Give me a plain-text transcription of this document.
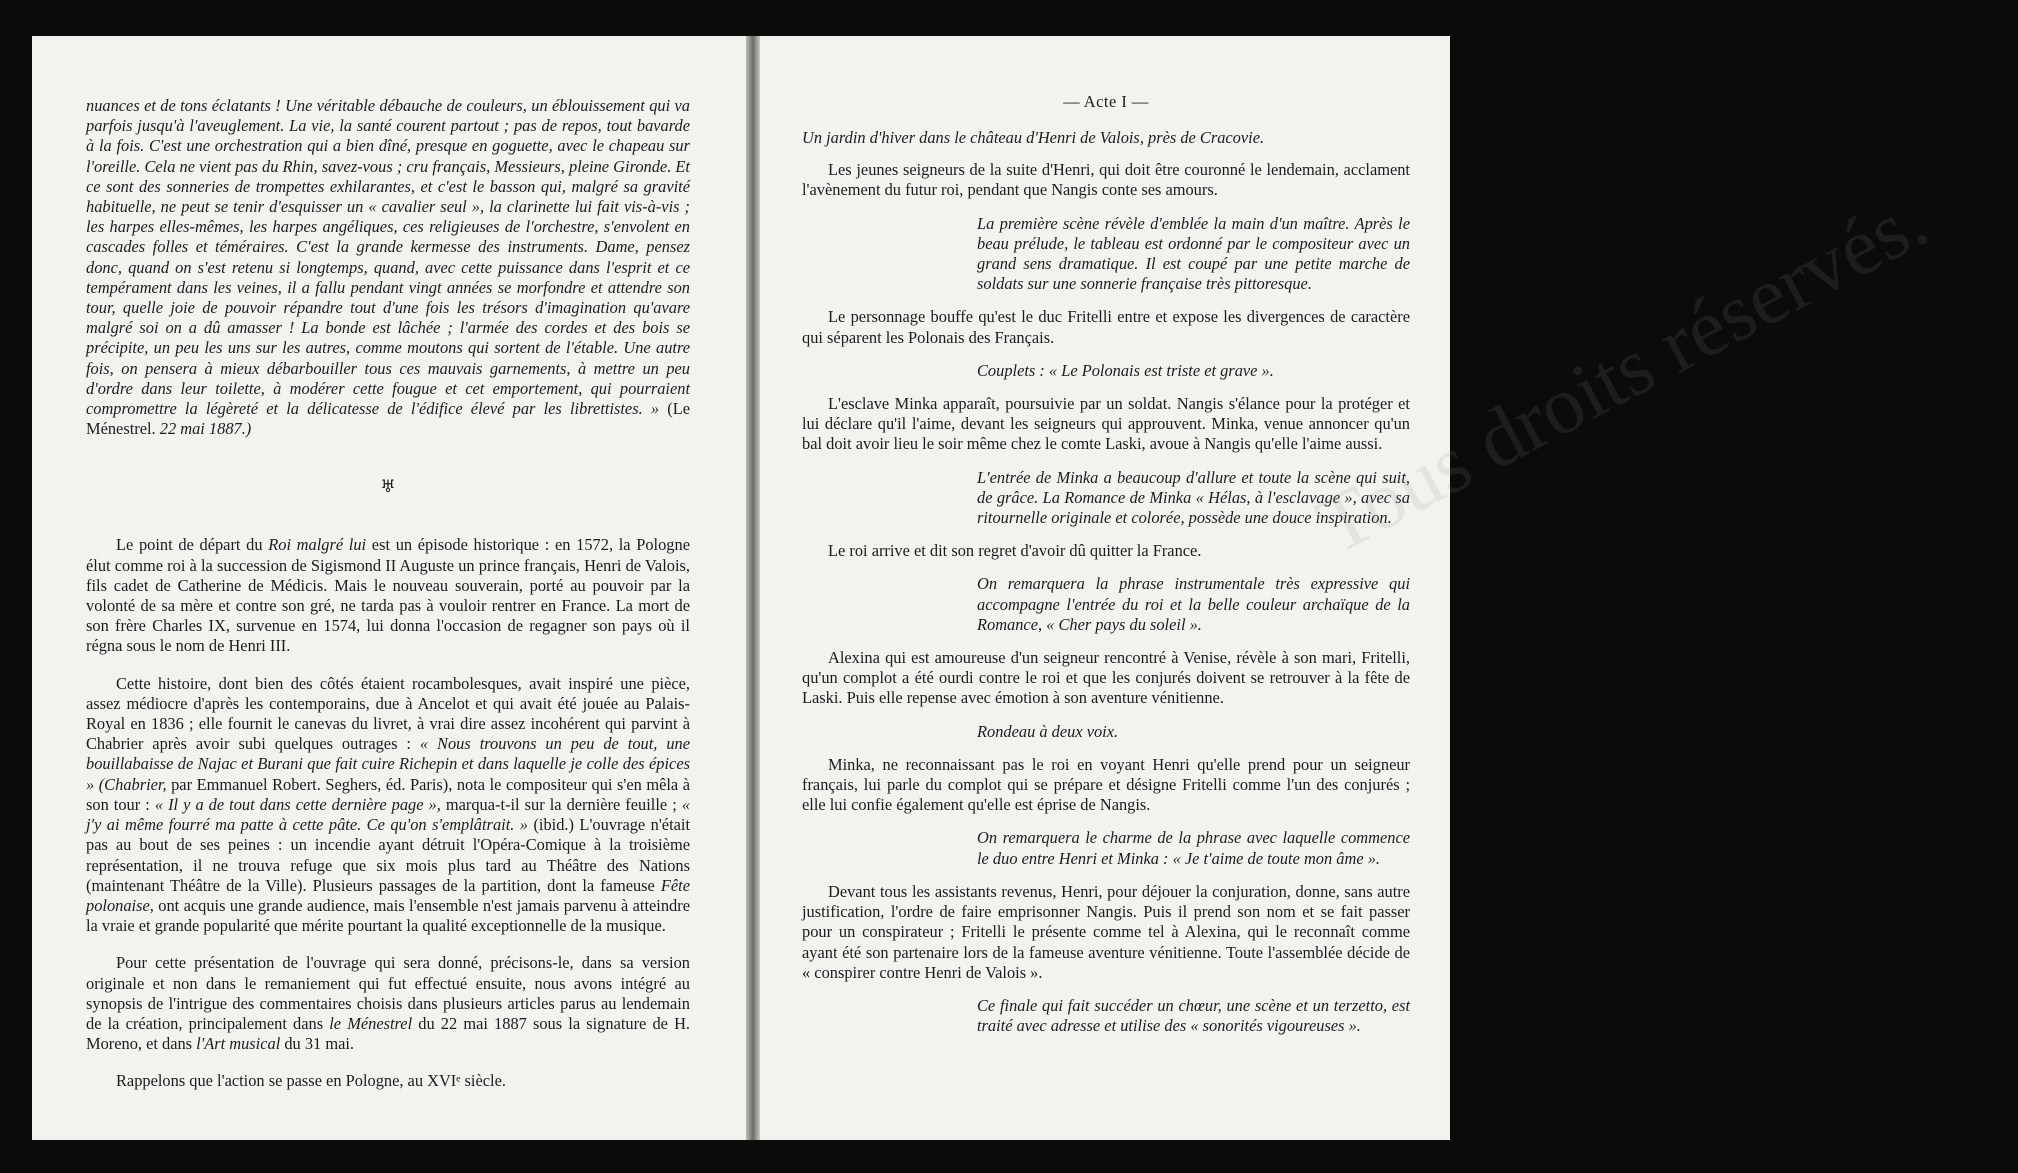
nuances et de tons éclatants ! Une véritable débauche de couleurs, un éblouissement qui va parfois jusqu'à l'aveuglement. La vie, la santé courent partout ; pas de repos, tout bavarde à la fois. C'est une orchestration qui a bien dîné, presque en goguette, avec le chapeau sur l'oreille. Cela ne vient pas du Rhin, savez-vous ; cru français, Messieurs, pleine Gironde. Et ce sont des sonneries de trompettes exhilarantes, et c'est le basson qui, malgré sa gravité habituelle, ne peut se tenir d'esquisser un « cavalier seul », la clarinette lui fait vis-à-vis ; les harpes elles-mêmes, les harpes angéliques, ces religieuses de l'orchestre, s'envolent en cascades folles et téméraires. C'est la grande kermesse des instruments. Dame, pensez donc, quand on s'est retenu si longtemps, quand, avec cette puissance dans l'esprit et ce tempérament dans les veines, il a fallu pendant vingt années se morfondre et attendre son tour, quelle joie de pouvoir répandre tout d'une fois les trésors d'imagination qu'avare malgré soi on a dû amasser ! La bonde est lâchée ; l'armée des cordes et des bois se précipite, un peu les uns sur les autres, comme moutons qui sortent de l'étable. Une autre fois, on pensera à mieux débarbouiller tous ces mauvais garnements, à mettre un peu d'ordre dans leur toilette, à modérer cette fougue et cet emportement, qui pourraient compromettre la légèreté et la délicatesse de l'édifice élevé par les librettistes. » (Le Ménestrel. 22 mai 1887.)

♅

Le point de départ du Roi malgré lui est un épisode historique : en 1572, la Pologne élut comme roi à la succession de Sigismond II Auguste un prince français, Henri de Valois, fils cadet de Catherine de Médicis. Mais le nouveau souverain, porté au pouvoir par la volonté de sa mère et contre son gré, ne tarda pas à vouloir rentrer en France. La mort de son frère Charles IX, survenue en 1574, lui donna l'occasion de regagner son pays où il régna sous le nom de Henri III.

Cette histoire, dont bien des côtés étaient rocambolesques, avait inspiré une pièce, assez médiocre d'après les contemporains, due à Ancelot et qui avait été jouée au Palais-Royal en 1836 ; elle fournit le canevas du livret, à vrai dire assez incohérent qui parvint à Chabrier après avoir subi quelques outrages : « Nous trouvons un peu de tout, une bouillabaisse de Najac et Burani que fait cuire Richepin et dans laquelle je colle des épices » (Chabrier, par Emmanuel Robert. Seghers, éd. Paris), nota le compositeur qui s'en mêla à son tour : « Il y a de tout dans cette dernière page », marqua-t-il sur la dernière feuille ; « j'y ai même fourré ma patte à cette pâte. Ce qu'on s'emplâtrait. » (ibid.) L'ouvrage n'était pas au bout de ses peines : un incendie ayant détruit l'Opéra-Comique à la troisième représentation, il ne trouva refuge que six mois plus tard au Théâtre des Nations (maintenant Théâtre de la Ville). Plusieurs passages de la partition, dont la fameuse Fête polonaise, ont acquis une grande audience, mais l'ensemble n'est jamais parvenu à atteindre la vraie et grande popularité que mérite pourtant la qualité exceptionnelle de la musique.

Pour cette présentation de l'ouvrage qui sera donné, précisons-le, dans sa version originale et non dans le remaniement qui fut effectué ensuite, nous avons intégré au synopsis de l'intrigue des commentaires choisis dans plusieurs articles parus au lendemain de la création, principalement dans le Ménestrel du 22 mai 1887 sous la signature de H. Moreno, et dans l'Art musical du 31 mai.

Rappelons que l'action se passe en Pologne, au XVIᵉ siècle.

Tous droits réservés.
— Acte I —

Un jardin d'hiver dans le château d'Henri de Valois, près de Cracovie.

Les jeunes seigneurs de la suite d'Henri, qui doit être couronné le lendemain, acclament l'avènement du futur roi, pendant que Nangis conte ses amours.

La première scène révèle d'emblée la main d'un maître. Après le beau prélude, le tableau est ordonné par le compositeur avec un grand sens dramatique. Il est coupé par une petite marche de soldats sur une sonnerie française très pittoresque.

Le personnage bouffe qu'est le duc Fritelli entre et expose les divergences de caractère qui séparent les Polonais des Français.

Couplets : « Le Polonais est triste et grave ».

L'esclave Minka apparaît, poursuivie par un soldat. Nangis s'élance pour la protéger et lui déclare qu'il l'aime, devant les seigneurs qui approuvent. Minka, venue annoncer qu'un bal doit avoir lieu le soir même chez le comte Laski, avoue à Nangis qu'elle l'aime aussi.

L'entrée de Minka a beaucoup d'allure et toute la scène qui suit, de grâce. La Romance de Minka « Hélas, à l'esclavage », avec sa ritournelle originale et colorée, possède une douce inspiration.

Le roi arrive et dit son regret d'avoir dû quitter la France.

On remarquera la phrase instrumentale très expressive qui accompagne l'entrée du roi et la belle couleur archaïque de la Romance, « Cher pays du soleil ».

Alexina qui est amoureuse d'un seigneur rencontré à Venise, révèle à son mari, Fritelli, qu'un complot a été ourdi contre le roi et que les conjurés doivent se retrouver à la fête de Laski. Puis elle repense avec émotion à son aventure vénitienne.

Rondeau à deux voix.

Minka, ne reconnaissant pas le roi en voyant Henri qu'elle prend pour un seigneur français, lui parle du complot qui se prépare et désigne Fritelli comme l'un des conjurés ; elle lui confie également qu'elle est éprise de Nangis.

On remarquera le charme de la phrase avec laquelle commence le duo entre Henri et Minka : « Je t'aime de toute mon âme ».

Devant tous les assistants revenus, Henri, pour déjouer la conjuration, donne, sans autre justification, l'ordre de faire emprisonner Nangis. Puis il prend son nom et se fait passer pour un conspirateur ; Fritelli le présente comme tel à Alexina, qui le reconnaît comme ayant été son partenaire lors de la fameuse aventure vénitienne. Toute l'assemblée décide de « conspirer contre Henri de Valois ».

Ce finale qui fait succéder un chœur, une scène et un terzetto, est traité avec adresse et utilise des « sonorités vigoureuses ».
